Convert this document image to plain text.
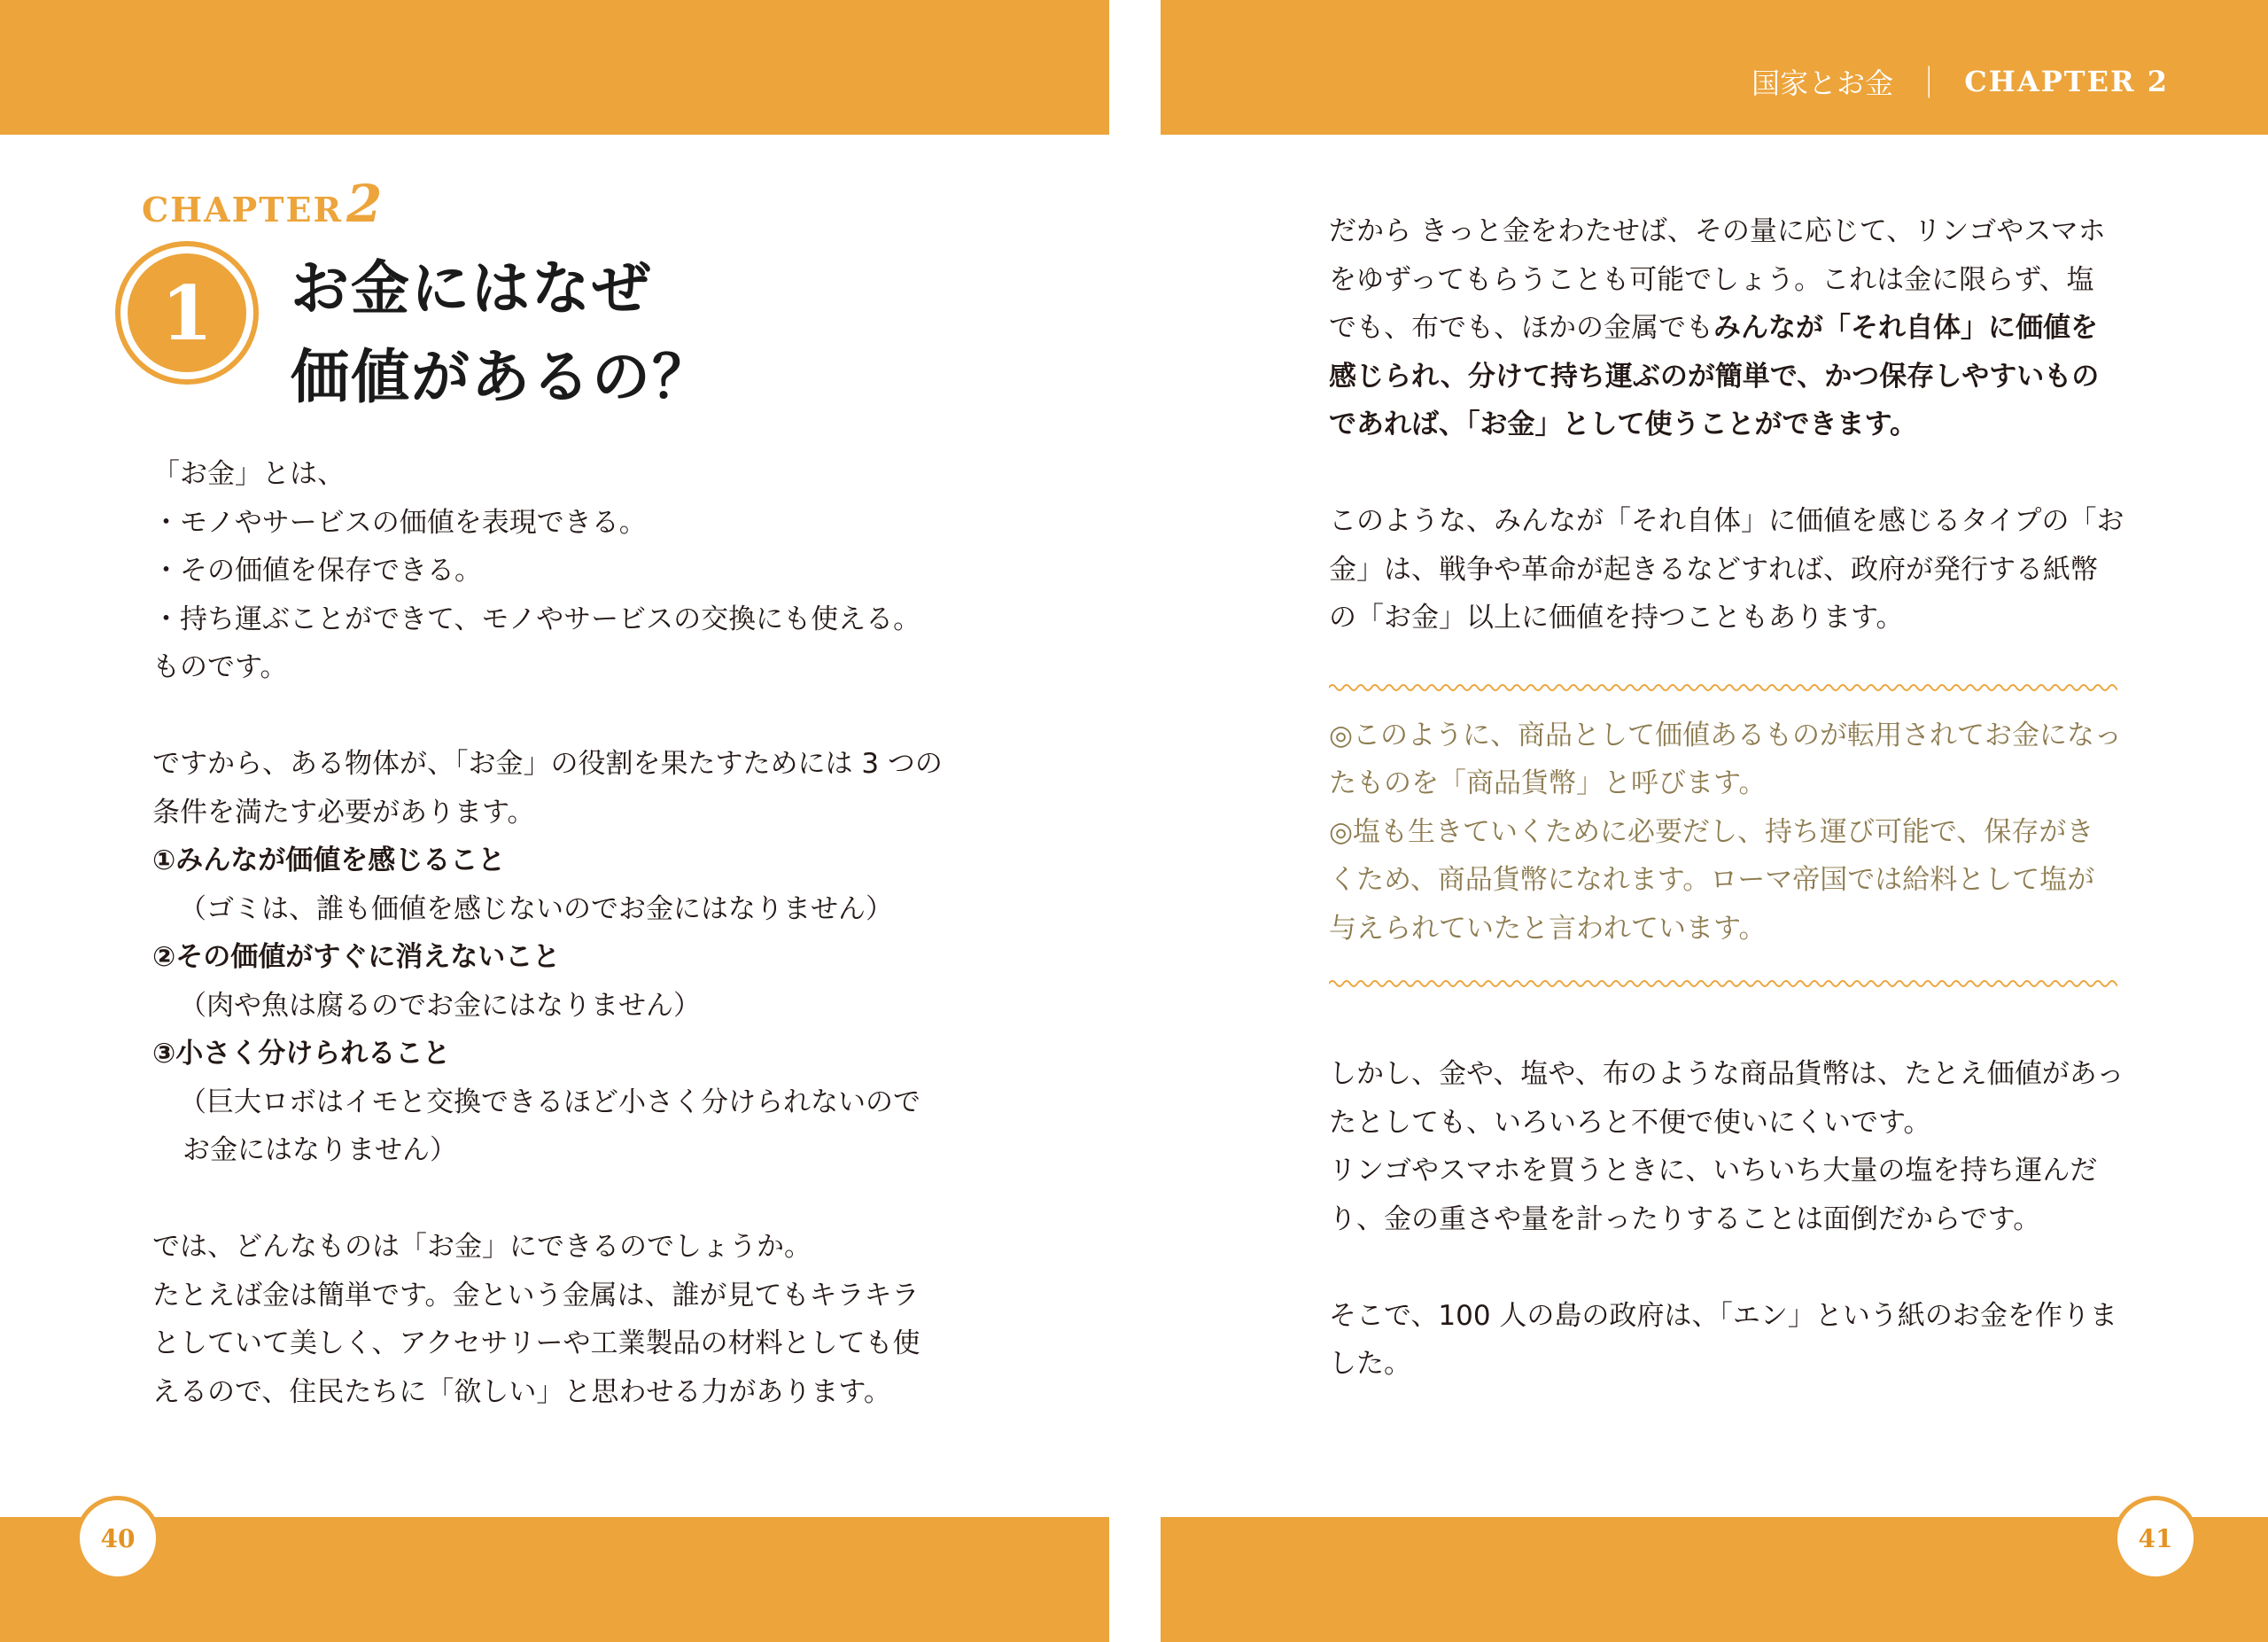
国家とお金 ｜ CHAPTER 2
40	41
CHAPTER 2
1	お金にはなぜ
価値があるの？
「お金」とは、
・モノやサービスの価値を表現できる。
・その価値を保存できる。
・持ち運ぶことができて、モノやサービスの交換にも使える。
ものです。
ですから、ある物体が、「お金」の役割を果たすためには 3 つの
条件を満たす必要があります。
①みんなが価値を感じること
（ゴミは、誰も価値を感じないのでお金にはなりません）
②その価値がすぐに消えないこと
（肉や魚は腐るのでお金にはなりません）
③小さく分けられること
（巨大ロボはイモと交換できるほど小さく分けられないので
お金にはなりません）
では、どんなものは「お金」にできるのでしょうか。
たとえば金は簡単です。金という金属は、誰が見てもキラキラ
としていて美しく、アクセサリーや工業製品の材料としても使
えるので、住民たちに「欲しい」と思わせる力があります。
だから きっと金をわたせば、その量に応じて、リンゴやスマホ
をゆずってもらうことも可能でしょう。これは金に限らず、塩
でも、布でも、ほかの金属でもみんなが「それ自体」に価値を
感じられ、分けて持ち運ぶのが簡単で、かつ保存しやすいもの
であれば、「お金」として使うことができます。
このような、みんなが「それ自体」に価値を感じるタイプの「お
金」は、戦争や革命が起きるなどすれば、政府が発行する紙幣
の「お金」以上に価値を持つこともあります。
◎このように、商品として価値あるものが転用されてお金になっ
たものを「商品貨幣」と呼びます。
◎塩も生きていくために必要だし、持ち運び可能で、保存がき
くため、商品貨幣になれます。ローマ帝国では給料として塩が
与えられていたと言われています。
しかし、金や、塩や、布のような商品貨幣は、たとえ価値があっ
たとしても、いろいろと不便で使いにくいです。
リンゴやスマホを買うときに、いちいち大量の塩を持ち運んだ
り、金の重さや量を計ったりすることは面倒だからです。
そこで、100 人の島の政府は、「エン」という紙のお金を作りま
した。
